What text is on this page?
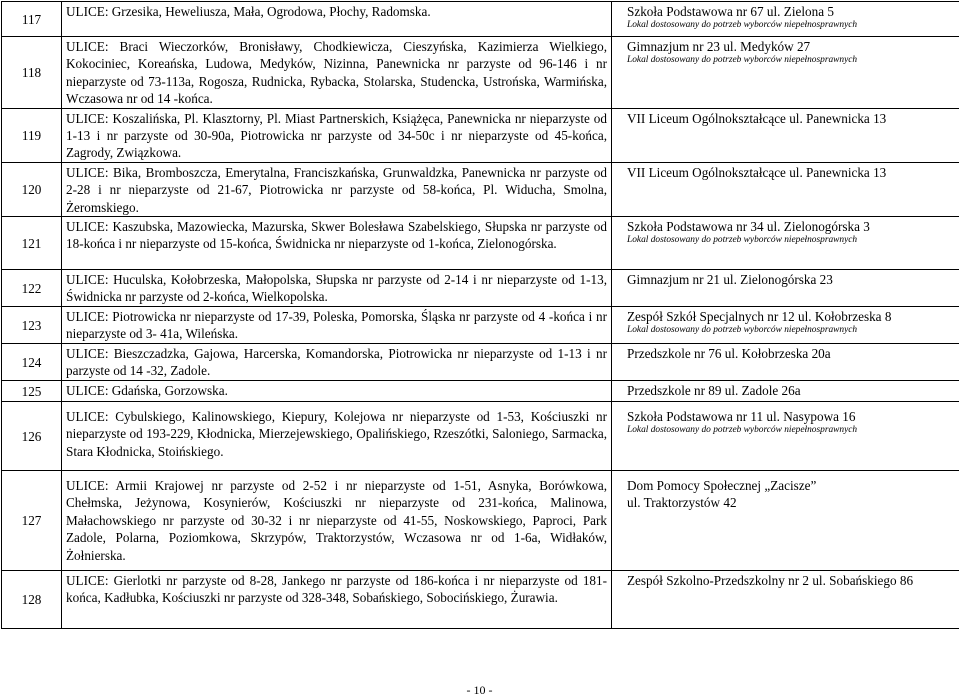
117	ULICE: Grzesika, Heweliusza, Mała, Ogrodowa, Płochy, Radomska.	Szkoła Podstawowa nr 67 ul. Zielona 5
Lokal dostosowany do potrzeb wyborców niepełnosprawnych

118	ULICE: Braci Wieczorków, Bronisławy, Chodkiewicza, Cieszyńska, Kazimierza Wielkiego, Kokociniec, Koreańska, Ludowa, Medyków, Nizinna, Panewnicka nr parzyste od 96-146 i nr nieparzyste od 73-113a, Rogosza, Rudnicka, Rybacka, Stolarska, Studencka, Ustrońska, Warmińska, Wczasowa nr od 14 -końca.	Gimnazjum nr 23 ul. Medyków 27
Lokal dostosowany do potrzeb wyborców niepełnosprawnych

119	ULICE: Koszalińska, Pl. Klasztorny, Pl. Miast Partnerskich, Książęca, Panewnicka nr nieparzyste od 1-13 i nr parzyste od 30-90a, Piotrowicka nr parzyste od 34-50c i nr nieparzyste od 45-końca, Zagrody, Związkowa.	VII Liceum Ogólnokształcące ul. Panewnicka 13

120	ULICE: Bika, Bromboszcza, Emerytalna, Franciszkańska, Grunwaldzka, Panewnicka nr parzyste od 2-28 i nr nieparzyste od 21-67, Piotrowicka nr parzyste od 58-końca, Pl. Widucha, Smolna, Żeromskiego.	VII Liceum Ogólnokształcące ul. Panewnicka 13

121	ULICE: Kaszubska, Mazowiecka, Mazurska, Skwer Bolesława Szabelskiego, Słupska nr parzyste od 18-końca i nr nieparzyste od 15-końca, Świdnicka nr nieparzyste od 1-końca, Zielonogórska.	Szkoła Podstawowa nr 34 ul. Zielonogórska 3
Lokal dostosowany do potrzeb wyborców niepełnosprawnych

122	ULICE: Huculska, Kołobrzeska, Małopolska, Słupska nr parzyste od 2-14 i nr nieparzyste od 1-13, Świdnicka nr parzyste od 2-końca, Wielkopolska.	Gimnazjum nr 21 ul. Zielonogórska 23

123	ULICE: Piotrowicka nr nieparzyste od 17-39, Poleska, Pomorska, Śląska nr parzyste od 4 -końca i nr nieparzyste od 3- 41a, Wileńska.	Zespół Szkół Specjalnych nr 12 ul. Kołobrzeska 8
Lokal dostosowany do potrzeb wyborców niepełnosprawnych

124	ULICE: Bieszczadzka, Gajowa, Harcerska, Komandorska, Piotrowicka nr nieparzyste od 1-13 i nr parzyste od 14 -32, Zadole.	Przedszkole nr 76 ul. Kołobrzeska 20a

125	ULICE: Gdańska, Gorzowska.	Przedszkole nr 89 ul. Zadole 26a

126	ULICE: Cybulskiego, Kalinowskiego, Kiepury, Kolejowa nr nieparzyste od 1-53, Kościuszki nr nieparzyste od 193-229, Kłodnicka, Mierzejewskiego, Opalińskiego, Rzeszótki, Saloniego, Sarmacka, Stara Kłodnicka, Stoińskiego.	Szkoła Podstawowa nr 11 ul. Nasypowa 16
Lokal dostosowany do potrzeb wyborców niepełnosprawnych

127	ULICE: Armii Krajowej nr parzyste od 2-52 i nr nieparzyste od 1-51, Asnyka, Borówkowa, Chełmska, Jeżynowa, Kosynierów, Kościuszki nr nieparzyste od 231-końca, Malinowa, Małachowskiego nr parzyste od 30-32 i nr nieparzyste od 41-55, Noskowskiego, Paproci, Park Zadole, Polarna, Poziomkowa, Skrzypów, Traktorzystów, Wczasowa nr od 1-6a, Widłaków, Żołnierska.	Dom Pomocy Społecznej „Zacisze”
ul. Traktorzystów 42

128	ULICE: Gierlotki nr parzyste od 8-28, Jankego nr parzyste od 186-końca i nr nieparzyste od 181-końca, Kadłubka, Kościuszki nr parzyste od 328-348, Sobańskiego, Sobocińskiego, Żurawia.	Zespół Szkolno-Przedszkolny nr 2 ul. Sobańskiego 86
- 10 -
